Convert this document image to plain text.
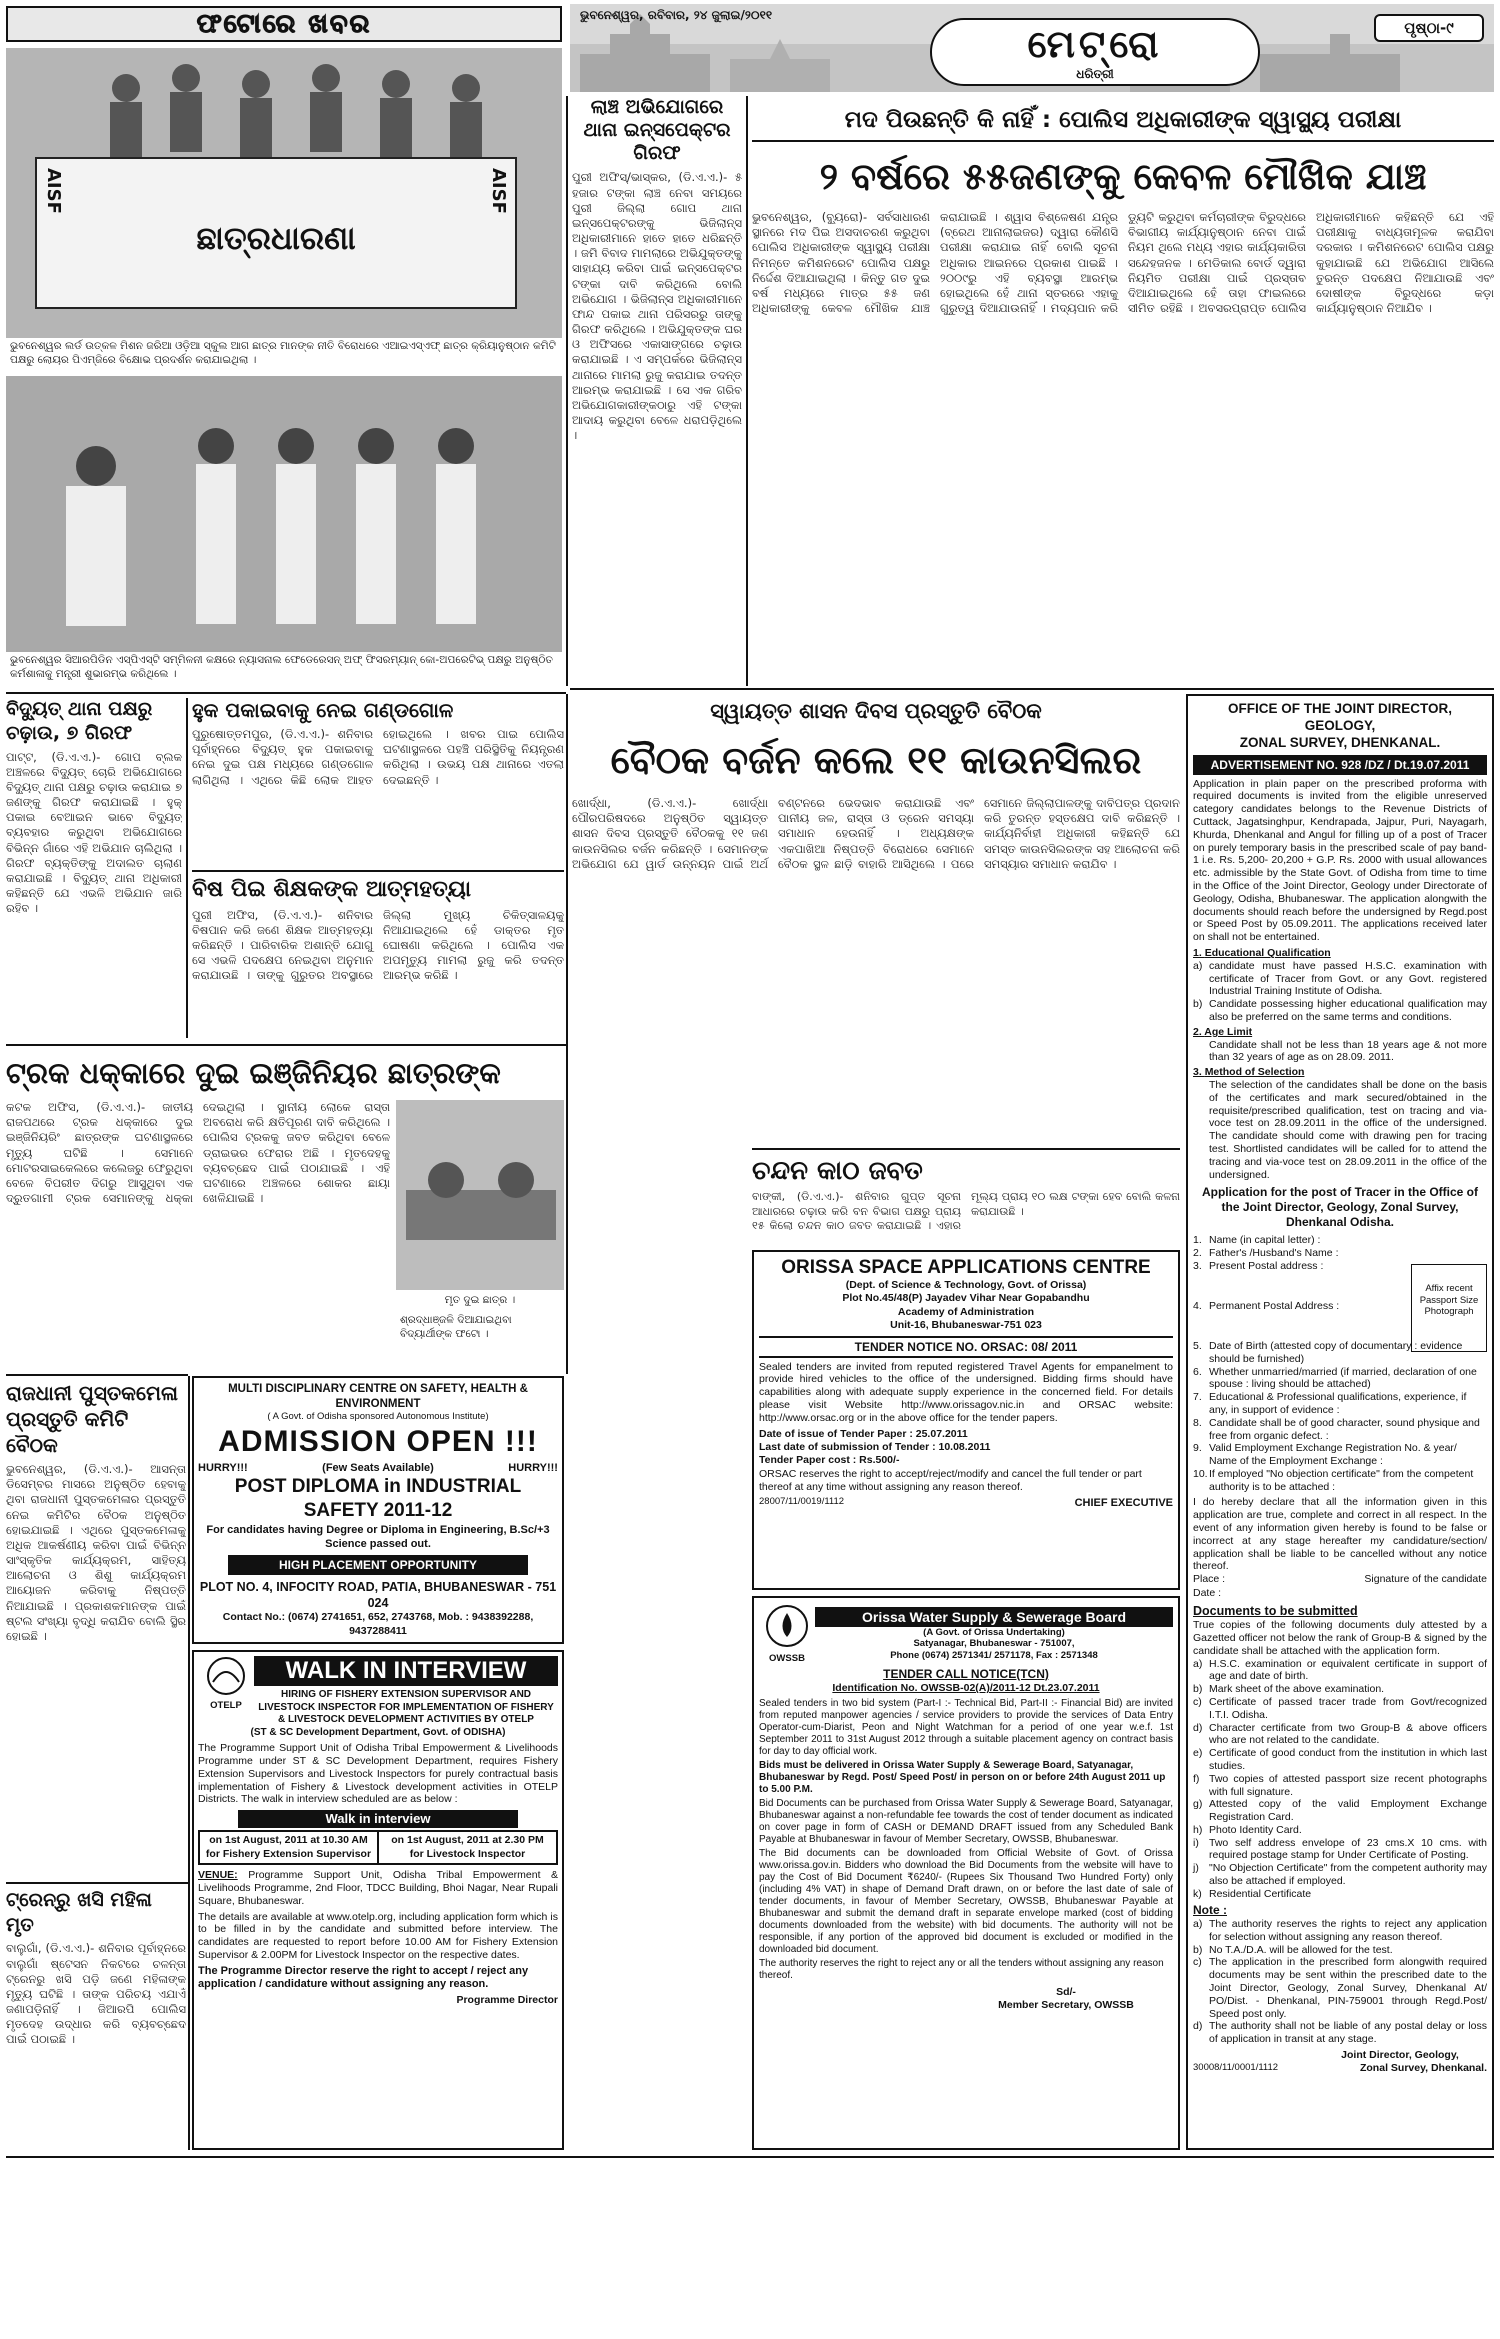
ଫଟୋରେ ଖବର	ଭୁବନେଶ୍ୱର, ରବିବାର, ୨୪ ଜୁଲାଇ/୨୦୧୧
ମେଟ୍ରୋ
ଧରିତ୍ରୀ
ପୃଷ୍ଠା-୯
ଛାତ୍ରଧାରଣା
AISF	AISF
ଭୁବନେଶ୍ୱର ଲର୍ଡ ଉତ୍କଳ ମିଶନ ଜରିଆ ଓଡ଼ିଆ ସ୍କୁଲ ଆଗ ଛାତ୍ର ମାନଙ୍କ ନୀତି ବିରୋଧରେ ଏଆଇଏସ୍ଏଫ୍ ଛାତ୍ର କ୍ରିୟାନୁଷ୍ଠାନ କମିଟି ପକ୍ଷରୁ ଲୋୟର ପିଏମ୍‌ଜିରେ ବିକ୍ଷୋଭ ପ୍ରଦର୍ଶନ କରାଯାଇଥିଲା ।
ଭୁବନେଶ୍ୱର ସିଆରପିଡିନ ଏସ୍‌ପିଏସ୍‌ଟି ସମ୍ମିଳନୀ କକ୍ଷରେ ନ୍ୟାସନାଲ ଫେଡେରେସନ୍ ଅଫ୍ ଫିସରମ୍ୟାନ୍ କୋ-ଅପରେଟିଭ୍ ପକ୍ଷରୁ ଅନୁଷ୍ଠିତ କର୍ମଶାଳାକୁ ମନ୍ତ୍ରୀ ଶୁଭାରମ୍ଭ କରିଥିଲେ ।
ଲାଞ୍ଚ ଅଭିଯୋଗରେ ଥାନା ଇନ୍‌ସପେକ୍ଟର ଗିରଫ
ପୁରୀ ଅଫିସ୍/ଭାସ୍କର, (ଡି.ଏ.ଏ.)- ୫ ହଜାର ଟଙ୍କା ଲାଞ୍ଚ ନେବା ସମୟରେ ପୁରୀ ଜିଲ୍ଲା ଗୋପ ଥାନା ଇନ୍‌ସପେକ୍ଟରଙ୍କୁ ଭିଜିଲାନ୍ସ ଅଧିକାରୀମାନେ ହାତେ ହାତେ ଧରିଛନ୍ତି । ଜମି ବିବାଦ ମାମଲାରେ ଅଭିଯୁକ୍ତଙ୍କୁ ସାହାଯ୍ୟ କରିବା ପାଇଁ ଇନ୍‌ସପେକ୍ଟର ଟଙ୍କା ଦାବି କରିଥିଲେ ବୋଲି ଅଭିଯୋଗ । ଭିଜିଲାନ୍ସ ଅଧିକାରୀମାନେ ଫାନ୍ଦ ପକାଇ ଥାନା ପରିସରରୁ ତାଙ୍କୁ ଗିରଫ କରିଥିଲେ । ଅଭିଯୁକ୍ତଙ୍କ ଘର ଓ ଅଫିସରେ ଏକାସାଙ୍ଗରେ ଚଢ଼ାଉ କରାଯାଇଛି । ଏ ସମ୍ପର୍କରେ ଭିଜିଲାନ୍ସ ଥାନାରେ ମାମଲା ରୁଜୁ କରାଯାଇ ତଦନ୍ତ ଆରମ୍ଭ କରାଯାଇଛି । ସେ ଏକ ଗରିବ ଅଭିଯୋଗକାରୀଙ୍କଠାରୁ ଏହି ଟଙ୍କା ଆଦାୟ କରୁଥିବା ବେଳେ ଧରାପଡ଼ିଥିଲେ ।
ମଦ ପିଉଛନ୍ତି କି ନାହିଁ : ପୋଲିସ ଅଧିକାରୀଙ୍କ ସ୍ୱାସ୍ଥ୍ୟ ପରୀକ୍ଷା
୨ ବର୍ଷରେ ୫୫ଜଣଙ୍କୁ କେବଳ ମୌଖିକ ଯାଞ୍ଚ
ଭୁବନେଶ୍ୱର, (ବ୍ୟୁରୋ)- ସର୍ବସାଧାରଣ ସ୍ଥାନରେ ମଦ ପିଇ ଅସଦାଚରଣ କରୁଥିବା ପୋଲିସ ଅଧିକାରୀଙ୍କ ସ୍ୱାସ୍ଥ୍ୟ ପରୀକ୍ଷା ନିମନ୍ତେ କମିଶନରେଟ ପୋଲିସ ପକ୍ଷରୁ ନିର୍ଦ୍ଦେଶ ଦିଆଯାଇଥିଲା । କିନ୍ତୁ ଗତ ଦୁଇ ବର୍ଷ ମଧ୍ୟରେ ମାତ୍ର ୫୫ ଜଣ ଅଧିକାରୀଙ୍କୁ କେବଳ ମୌଖିକ ଯାଞ୍ଚ କରାଯାଇଛି । ଶ୍ୱାସ ବିଶ୍ଳେଷଣ ଯନ୍ତ୍ର (ବ୍ରେଥ ଆନାଲାଇଜର) ଦ୍ୱାରା କୌଣସି ପରୀକ୍ଷା କରାଯାଇ ନାହିଁ ବୋଲି ସୂଚନା ଅଧିକାର ଆଇନରେ ପ୍ରକାଶ ପାଇଛି । ୨୦୦୯ରୁ ଏହି ବ୍ୟବସ୍ଥା ଆରମ୍ଭ ହୋଇଥିଲେ ହେଁ ଥାନା ସ୍ତରରେ ଏହାକୁ ଗୁରୁତ୍ୱ ଦିଆଯାଉନାହିଁ । ମଦ୍ୟପାନ କରି ଡ୍ୟୁଟି କରୁଥିବା କର୍ମଚାରୀଙ୍କ ବିରୁଦ୍ଧରେ ବିଭାଗୀୟ କାର୍ଯ୍ୟାନୁଷ୍ଠାନ ନେବା ପାଇଁ ନିୟମ ଥିଲେ ମଧ୍ୟ ଏହାର କାର୍ଯ୍ୟକାରିତା ସନ୍ଦେହଜନକ । ମେଡିକାଲ ବୋର୍ଡ ଦ୍ୱାରା ନିୟମିତ ପରୀକ୍ଷା ପାଇଁ ପ୍ରସ୍ତାବ ଦିଆଯାଇଥିଲେ ହେଁ ତାହା ଫାଇଲରେ ସୀମିତ ରହିଛି । ଅବସରପ୍ରାପ୍ତ ପୋଲିସ ଅଧିକାରୀମାନେ କହିଛନ୍ତି ଯେ ଏହି ପରୀକ୍ଷାକୁ ବାଧ୍ୟତାମୂଳକ କରାଯିବା ଦରକାର । କମିଶନରେଟ ପୋଲିସ ପକ୍ଷରୁ କୁହାଯାଇଛି ଯେ ଅଭିଯୋଗ ଆସିଲେ ତୁରନ୍ତ ପଦକ୍ଷେପ ନିଆଯାଉଛି ଏବଂ ଦୋଷୀଙ୍କ ବିରୁଦ୍ଧରେ କଡ଼ା କାର୍ଯ୍ୟାନୁଷ୍ଠାନ ନିଆଯିବ ।
ସ୍ୱାୟତ୍ତ ଶାସନ ଦିବସ ପ୍ରସ୍ତୁତି ବୈଠକ
ବୈଠକ ବର୍ଜନ କଲେ ୧୧ କାଉନସିଲର
ଖୋର୍ଦ୍ଧା, (ଡି.ଏ.ଏ.)- ଖୋର୍ଦ୍ଧା ପୌରପରିଷଦରେ ଅନୁଷ୍ଠିତ ସ୍ୱାୟତ୍ତ ଶାସନ ଦିବସ ପ୍ରସ୍ତୁତି ବୈଠକକୁ ୧୧ ଜଣ କାଉନସିଲର ବର୍ଜନ କରିଛନ୍ତି । ସେମାନଙ୍କ ଅଭିଯୋଗ ଯେ ୱାର୍ଡ ଉନ୍ନୟନ ପାଇଁ ଅର୍ଥ ବଣ୍ଟନରେ ଭେଦଭାବ କରାଯାଉଛି ଏବଂ ପାନୀୟ ଜଳ, ରାସ୍ତା ଓ ଡ୍ରେନ ସମସ୍ୟା ସମାଧାନ ହେଉନାହିଁ । ଅଧ୍ୟକ୍ଷଙ୍କ ଏକପାଖିଆ ନିଷ୍ପତ୍ତି ବିରୋଧରେ ସେମାନେ ବୈଠକ ସ୍ଥଳ ଛାଡ଼ି ବାହାରି ଆସିଥିଲେ । ପରେ ସେମାନେ ଜିଲ୍ଲାପାଳଙ୍କୁ ଦାବିପତ୍ର ପ୍ରଦାନ କରି ତୁରନ୍ତ ହସ୍ତକ୍ଷେପ ଦାବି କରିଛନ୍ତି । କାର୍ଯ୍ୟନିର୍ବାହୀ ଅଧିକାରୀ କହିଛନ୍ତି ଯେ ସମସ୍ତ କାଉନସିଲରଙ୍କ ସହ ଆଲୋଚନା କରି ସମସ୍ୟାର ସମାଧାନ କରାଯିବ ।
ବିଦ୍ୟୁତ୍ ଥାନା ପକ୍ଷରୁ ଚଢ଼ାଉ, ୭ ଗିରଫ
ପାଟ୍ଟ, (ଡି.ଏ.ଏ.)- ଗୋପ ବ୍ଲକ ଅଞ୍ଚଳରେ ବିଦ୍ୟୁତ୍ ଚୋରି ଅଭିଯୋଗରେ ବିଦ୍ୟୁତ୍ ଥାନା ପକ୍ଷରୁ ଚଢ଼ାଉ କରାଯାଇ ୭ ଜଣଙ୍କୁ ଗିରଫ କରାଯାଇଛି । ହୁକ୍ ପକାଇ ବେଆଇନ ଭାବେ ବିଦ୍ୟୁତ୍ ବ୍ୟବହାର କରୁଥିବା ଅଭିଯୋଗରେ ବିଭିନ୍ନ ଗାଁରେ ଏହି ଅଭିଯାନ ଚାଲିଥିଲା । ଗିରଫ ବ୍ୟକ୍ତିଙ୍କୁ ଅଦାଲତ ଚାଲାଣ କରାଯାଇଛି । ବିଦ୍ୟୁତ୍ ଥାନା ଅଧିକାରୀ କହିଛନ୍ତି ଯେ ଏଭଳି ଅଭିଯାନ ଜାରି ରହିବ ।
ହୁକ ପକାଇବାକୁ ନେଇ ଗଣ୍ଡଗୋଳ
ପୁରୁଷୋତ୍ତମପୁର, (ଡି.ଏ.ଏ.)- ଶନିବାର ପୂର୍ବାହ୍ନରେ ବିଦ୍ୟୁତ୍ ହୁକ ପକାଇବାକୁ ନେଇ ଦୁଇ ପକ୍ଷ ମଧ୍ୟରେ ଗଣ୍ଡଗୋଳ ଲାଗିଥିଲା । ଏଥିରେ କିଛି ଲୋକ ଆହତ ହୋଇଥିଲେ । ଖବର ପାଇ ପୋଲିସ ଘଟଣାସ୍ଥଳରେ ପହଞ୍ଚି ପରିସ୍ଥିତିକୁ ନିୟନ୍ତ୍ରଣ କରିଥିଲା । ଉଭୟ ପକ୍ଷ ଥାନାରେ ଏତଲା ଦେଇଛନ୍ତି ।
ବିଷ ପିଇ ଶିକ୍ଷକଙ୍କ ଆତ୍ମହତ୍ୟା
ପୁରୀ ଅଫିସ, (ଡି.ଏ.ଏ.)- ଶନିବାର ବିଷପାନ କରି ଜଣେ ଶିକ୍ଷକ ଆତ୍ମହତ୍ୟା କରିଛନ୍ତି । ପାରିବାରିକ ଅଶାନ୍ତି ଯୋଗୁ ସେ ଏଭଳି ପଦକ୍ଷେପ ନେଇଥିବା ଅନୁମାନ କରାଯାଉଛି । ତାଙ୍କୁ ଗୁରୁତର ଅବସ୍ଥାରେ ଜିଲ୍ଲା ମୁଖ୍ୟ ଚିକିତ୍ସାଳୟକୁ ନିଆଯାଇଥିଲେ ହେଁ ଡାକ୍ତର ମୃତ ଘୋଷଣା କରିଥିଲେ । ପୋଲିସ ଏକ ଅପମୃତ୍ୟୁ ମାମଲା ରୁଜୁ କରି ତଦନ୍ତ ଆରମ୍ଭ କରିଛି ।
ଟ୍ରକ ଧକ୍କାରେ ଦୁଇ ଇଞ୍ଜିନିୟର ଛାତ୍ରଙ୍କ
କଟକ ଅଫିସ, (ଡି.ଏ.ଏ.)- ଜାତୀୟ ରାଜପଥରେ ଟ୍ରକ ଧକ୍କାରେ ଦୁଇ ଇଞ୍ଜିନିୟରିଂ ଛାତ୍ରଙ୍କ ଘଟଣାସ୍ଥଳରେ ମୃତ୍ୟୁ ଘଟିଛି । ସେମାନେ ମୋଟରସାଇକେଲରେ କଲେଜରୁ ଫେରୁଥିବା ବେଳେ ବିପରୀତ ଦିଗରୁ ଆସୁଥିବା ଏକ ଦ୍ରୁତଗାମୀ ଟ୍ରକ ସେମାନଙ୍କୁ ଧକ୍କା ଦେଇଥିଲା । ସ୍ଥାନୀୟ ଲୋକେ ରାସ୍ତା ଅବରୋଧ କରି କ୍ଷତିପୂରଣ ଦାବି କରିଥିଲେ । ପୋଲିସ ଟ୍ରକକୁ ଜବତ କରିଥିବା ବେଳେ ଡ୍ରାଇଭର ଫେରାର ଅଛି । ମୃତଦେହକୁ ବ୍ୟବଚ୍ଛେଦ ପାଇଁ ପଠାଯାଇଛି । ଏହି ଘଟଣାରେ ଅଞ୍ଚଳରେ ଶୋକର ଛାୟା ଖେଳିଯାଇଛି ।
ମୃତ ଦୁଇ ଛାତ୍ର ।
ଶ୍ରଦ୍ଧାଞ୍ଜଳି ଦିଆଯାଇଥିବା ବିଦ୍ୟାର୍ଥୀଙ୍କ ଫଟୋ ।
ଚନ୍ଦନ କାଠ ଜବତ
ବାଙ୍କୀ, (ଡି.ଏ.ଏ.)- ଶନିବାର ଗୁପ୍ତ ସୂଚନା ଆଧାରରେ ଚଢ଼ାଉ କରି ବନ ବିଭାଗ ପକ୍ଷରୁ ପ୍ରାୟ ୧୫ କିଲୋ ଚନ୍ଦନ କାଠ ଜବତ କରାଯାଇଛି । ଏହାର ମୂଲ୍ୟ ପ୍ରାୟ ୧୦ ଲକ୍ଷ ଟଙ୍କା ହେବ ବୋଲି କଳନା କରାଯାଉଛି ।
MULTI DISCIPLINARY CENTRE ON SAFETY, HEALTH & ENVIRONMENT
( A Govt. of Odisha sponsored Autonomous Institute)
ADMISSION OPEN !!!
HURRY!!!	(Few Seats Available)	HURRY!!!
POST DIPLOMA in INDUSTRIAL SAFETY 2011-12
For candidates having Degree or Diploma in Engineering, B.Sc/+3 Science passed out.
HIGH PLACEMENT OPPORTUNITY
PLOT NO. 4, INFOCITY ROAD, PATIA, BHUBANESWAR - 751 024
Contact No.: (0674) 2741651, 652, 2743768, Mob. : 9438392288, 9437288411
ରାଜଧାନୀ ପୁସ୍ତକମେଳା ପ୍ରସ୍ତୁତି କମିଟି ବୈଠକ
ଭୁବନେଶ୍ୱର, (ଡି.ଏ.ଏ.)- ଆସନ୍ତା ଡିସେମ୍ବର ମାସରେ ଅନୁଷ୍ଠିତ ହେବାକୁ ଥିବା ରାଜଧାନୀ ପୁସ୍ତକମେଳାର ପ୍ରସ୍ତୁତି ନେଇ କମିଟିର ବୈଠକ ଅନୁଷ୍ଠିତ ହୋଇଯାଇଛି । ଏଥିରେ ପୁସ୍ତକମେଳାକୁ ଅଧିକ ଆକର୍ଷଣୀୟ କରିବା ପାଇଁ ବିଭିନ୍ନ ସାଂସ୍କୃତିକ କାର୍ଯ୍ୟକ୍ରମ, ସାହିତ୍ୟ ଆଲୋଚନା ଓ ଶିଶୁ କାର୍ଯ୍ୟକ୍ରମ ଆୟୋଜନ କରିବାକୁ ନିଷ୍ପତ୍ତି ନିଆଯାଇଛି । ପ୍ରକାଶକମାନଙ୍କ ପାଇଁ ଷ୍ଟଲ ସଂଖ୍ୟା ବୃଦ୍ଧି କରାଯିବ ବୋଲି ସ୍ଥିର ହୋଇଛି ।
ଟ୍ରେନ୍‌ରୁ ଖସି ମହିଳା ମୃତ
ବାଲୁଗାଁ, (ଡି.ଏ.ଏ.)- ଶନିବାର ପୂର୍ବାହ୍ନରେ ବାଲୁଗାଁ ଷ୍ଟେସନ ନିକଟରେ ଚଳନ୍ତା ଟ୍ରେନରୁ ଖସି ପଡ଼ି ଜଣେ ମହିଳାଙ୍କ ମୃତ୍ୟୁ ଘଟିଛି । ତାଙ୍କ ପରିଚୟ ଏଯାଏଁ ଜଣାପଡ଼ିନାହିଁ । ଜିଆରପି ପୋଲିସ ମୃତଦେହ ଉଦ୍ଧାର କରି ବ୍ୟବଚ୍ଛେଦ ପାଇଁ ପଠାଇଛି ।
OTELP
WALK IN INTERVIEW
HIRING OF FISHERY EXTENSION SUPERVISOR AND LIVESTOCK INSPECTOR FOR IMPLEMENTATION OF FISHERY & LIVESTOCK DEVELOPMENT ACTIVITIES BY OTELP
(ST & SC Development Department, Govt. of ODISHA)
The Programme Support Unit of Odisha Tribal Empowerment & Livelihoods Programme under ST & SC Development Department, requires Fishery Extension Supervisors and Livestock Inspectors for purely contractual basis implementation of Fishery & Livestock development activities in OTELP Districts. The walk in interview scheduled are as below :
Walk in interview
on 1st August, 2011 at 10.30 AM
for Fishery Extension Supervisor
on 1st August, 2011 at 2.30 PM
for Livestock Inspector
VENUE: Programme Support Unit, Odisha Tribal Empowerment & Livelihoods Programme, 2nd Floor, TDCC Building, Bhoi Nagar, Near Rupali Square, Bhubaneswar.
The details are available at www.otelp.org, including application form which is to be filled in by the candidate and submitted before interview. The candidates are requested to report before 10.00 AM for Fishery Extension Supervisor & 2.00PM for Livestock Inspector on the respective dates.
The Programme Director reserve the right to accept / reject any application / candidature without assigning any reason.
Programme Director
ORISSA SPACE APPLICATIONS CENTRE
(Dept. of Science & Technology, Govt. of Orissa)
Plot No.45/48(P) Jayadev Vihar Near Gopabandhu
Academy of Administration
Unit-16, Bhubaneswar-751 023
TENDER NOTICE NO. ORSAC: 08/ 2011
Sealed tenders are invited from reputed registered Travel Agents for empanelment to provide hired vehicles to the office of the undersigned. Bidding firms should have capabilities along with adequate supply experience in the concerned field. For details please visit Website http://www.orissagov.nic.in and ORSAC website: http://www.orsac.org or in the above office for the tender papers.
Date of issue of Tender Paper : 25.07.2011
Last date of submission of Tender : 10.08.2011
Tender Paper cost : Rs.500/-
ORSAC reserves the right to accept/reject/modify and cancel the full tender or part thereof at any time without assigning any reason thereof.
28007/11/0019/1112	CHIEF EXECUTIVE
OWSSB
Orissa Water Supply & Sewerage Board
(A Govt. of Orissa Undertaking)
Satyanagar, Bhubaneswar - 751007,
Phone (0674) 2571341/ 2571178, Fax : 2571348
TENDER CALL NOTICE(TCN)
Identification No. OWSSB-02(A)/2011-12 Dt.23.07.2011
Sealed tenders in two bid system (Part-I :- Technical Bid, Part-II :- Financial Bid) are invited from reputed manpower agencies / service providers to provide the services of Data Entry Operator-cum-Diarist, Peon and Night Watchman for a period of one year w.e.f. 1st September 2011 to 31st August 2012 through a suitable placement agency on contract basis for day to day official work.
Bids must be delivered in Orissa Water Supply & Sewerage Board, Satyanagar, Bhubaneswar by Regd. Post/ Speed Post/ in person on or before 24th August 2011 up to 5.00 P.M.
Bid Documents can be purchased from Orissa Water Supply & Sewerage Board, Satyanagar, Bhubaneswar against a non-refundable fee towards the cost of tender document as indicated on cover page in form of CASH or DEMAND DRAFT issued from any Scheduled Bank Payable at Bhubaneswar in favour of Member Secretary, OWSSB, Bhubaneswar.
The Bid documents can be downloaded from Official Website of Govt. of Orissa www.orissa.gov.in. Bidders who download the Bid Documents from the website will have to pay the Cost of Bid Document ₹6240/- (Rupees Six Thousand Two Hundred Forty) only (including 4% VAT) in shape of Demand Draft drawn, on or before the last date of sale of tender documents, in favour of Member Secretary, OWSSB, Bhubaneswar Payable at Bhubaneswar and submit the demand draft in separate envelope marked (cost of bidding documents downloaded from the website) with bid documents. The authority will not be responsible, if any portion of the approved bid document is excluded or modified in the downloaded bid document.
The authority reserves the right to reject any or all the tenders without assigning any reason thereof.
Sd/-
Member Secretary, OWSSB
OFFICE OF THE JOINT DIRECTOR, GEOLOGY,
ZONAL SURVEY, DHENKANAL.
ADVERTISEMENT NO. 928 /DZ / Dt.19.07.2011
Application in plain paper on the prescribed proforma with required documents is invited from the eligible unreserved category candidates belongs to the Revenue Districts of Cuttack, Jagatsinghpur, Kendrapada, Jajpur, Puri, Nayagarh, Khurda, Dhenkanal and Angul for filling up of a post of Tracer on purely temporary basis in the prescribed scale of pay band-1 i.e. Rs. 5,200- 20,200 + G.P. Rs. 2000 with usual allowances etc. admissible by the State Govt. of Odisha from time to time in the Office of the Joint Director, Geology under Directorate of Geology, Odisha, Bhubaneswar. The application alongwith the documents should reach before the undersigned by Regd.post or Speed Post by 05.09.2011. The applications received later on shall not be entertained.
1. Educational Qualification
a) candidate must have passed H.S.C. examination with certificate of Tracer from Govt. or any Govt. registered Industrial Training Institute of Odisha.
b) Candidate possessing higher educational qualification may also be preferred on the same terms and conditions.
2. Age Limit
Candidate shall not be less than 18 years age & not more than 32 years of age as on 28.09. 2011.
3. Method of Selection
The selection of the candidates shall be done on the basis of the certificates and mark secured/obtained in the requisite/prescribed qualification, test on tracing and via-voce test on 28.09.2011 in the office of the undersigned. The candidate should come with drawing pen for tracing test. Shortlisted candidates will be called for to attend the tracing and via-voce test on 28.09.2011 in the office of the undersigned.
Application for the post of Tracer in the Office of the Joint Director, Geology, Zonal Survey, Dhenkanal Odisha.
Affix recent Passport Size Photograph
1. Name (in capital letter) :
2. Father's /Husband's Name :
3. Present Postal address :
4. Permanent Postal Address :
5. Date of Birth (attested copy of documentary : evidence should be furnished)
6. Whether unmarried/married (if married, declaration of one spouse : living should be attached)
7. Educational & Professional qualifications, experience, if any, in support of evidence :
8. Candidate shall be of good character, sound physique and free from organic defect. :
9. Valid Employment Exchange Registration No. & year/ Name of the Employment Exchange :
10. If employed "No objection certificate" from the competent authority is to be attached :
I do hereby declare that all the information given in this application are true, complete and correct in all respect. In the event of any information given hereby is found to be false or incorrect at any stage hereafter my candidature/section/ application shall be liable to be cancelled without any notice thereof.
Place :	Signature of the candidate
Date :
Documents to be submitted
True copies of the following documents duly attested by a Gazetted officer not below the rank of Group-B & signed by the candidate shall be attached with the application form.
a) H.S.C. examination or equivalent certificate in support of age and date of birth.
b) Mark sheet of the above examination.
c) Certificate of passed tracer trade from Govt/recognized I.T.I. Odisha.
d) Character certificate from two Group-B & above officers who are not related to the candidate.
e) Certificate of good conduct from the institution in which last studies.
f) Two copies of attested passport size recent photographs with full signature.
g) Attested copy of the valid Employment Exchange Registration Card.
h) Photo Identity Card.
i) Two self address envelope of 23 cms.X 10 cms. with required postage stamp for Under Certificate of Posting.
j) "No Objection Certificate" from the competent authority may also be attached if employed.
k) Residential Certificate
Note :
a) The authority reserves the rights to reject any application for selection without assigning any reason thereof.
b) No T.A./D.A. will be allowed for the test.
c) The application in the prescribed form alongwith required documents may be sent within the prescribed date to the Joint Director, Geology, Zonal Survey, Dhenkanal At/ PO/Dist. - Dhenkanal, PIN-759001 through Regd.Post/ Speed post only.
d) The authority shall not be liable of any postal delay or loss of application in transit at any stage.
Joint Director, Geology,
30008/11/0001/1112	Zonal Survey, Dhenkanal.
